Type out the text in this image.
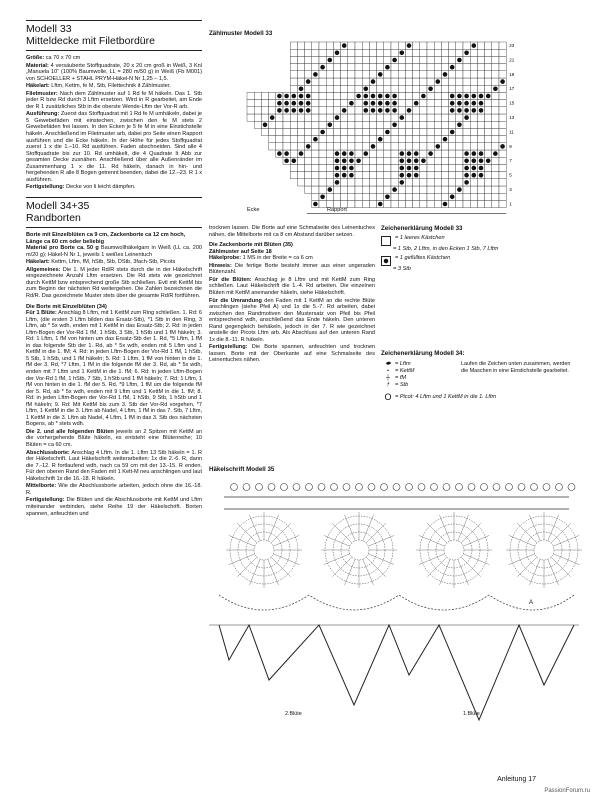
Modell 33
Mitteldecke mit Filetbordüre
Größe: ca 70 x 70 cm
Material: 4 versäuberte Stoffquadrate, 20 x 20 cm groß in Weiß, 3 Knl „Manuela 10“ (100% Baumwolle, LL = 280 m/50 g) in Weiß (Fb M001) von SCHOELLER + STAHL PRYM-Häkel-N Nr 1,25 – 1,5.
Häkelart: Lftm, Kettm, fe M, Stb, Filettechnik it Zählmuster.
Filetmuster: Nach dem Zählmuster auf 1 Rd fe M häkeln. Das 1. Stb jeder R bzw Rd durch 3 Lftm ersetzen. Wird in R gearbeitet, am Ende der R 1 zusätzliches Stb in die oberste Wende-Lftm der Vor-R arb.
Ausführung: Zuerst das Stoffquadrat mit 1 Rd fe M umhäkeln, dabei je 5 Gewebefäden mit einstechen, zwischen den fe M stets 2 Gewebefäden frei lassen. In den Ecken je 5 fe M in eine Einstichstelle häkeln. Anschließend im Filetmuster arb, dabei pro Seite einen Rapport ausführen und die Ecke häkeln. In der Höhe für jedes Stoffquadrat zuerst 1 x die 1.–10. Rd ausführen. Faden abschneiden. Sind alle 4 Stoffquadrate bis zur 10. Rd umhäkelt, die 4 Quadrate lt Abb zur gesamten Decke zusnähen. Anschließend über alle Außenränder im Zusammenhang 1 x die 11. Rd häkeln, danach in hin- und hergehenden R alle 8 Bogen getrennt beenden, dabei die 12.–23. R 1 x ausführen.
Fertigstellung: Decke von li leicht dämpfen.
Modell 34+35
Randborten
Borte mit Einzelblüten ca 9 cm, Zackenborte ca 12 cm hoch, Länge ca 60 cm oder beliebig
Material pro Borte ca. 50 g Baumwollhäkelgarn in Weiß (LL ca. 200 m/20 g); Häkel-N Nr 1, jeweils 1 weißes Leinentuch
Häkelart: Kettm, Lftm, fM, hStb, Stb, DStb, 3fach-Stb, Picots
Allgemeines: Die 1. M jeder Rd/R stets durch die in der Häkelschrift eingezeichnete Anzahl Lftm ersetzen. Die Rd stets wie gezeichnet durch KettM bzw entsprechend große Stb schließen. Evtl mit KettM bis zum Beginn der nächsten Rd weitergehen. Die Zahlen bezeichnen die Rd/R. Das gezeichnete Muster stets über die gesamte Rd/R fortführen.
Die Borte mit Einzelblüten (34)
Für 1 Blüte: Anschlag 8 Lftm, mit 1 KettM zum Ring schließen. 1. Rd: 6 Lftm, (die ersten 3 Lftm bilden das Ersatz-Stb), *1 Stb in den Ring, 3 Lftm, ab * 5x wdh, enden mit 1 KettM in das Ersatz-Stb; 2. Rd: in jeden Lftm-Bogen der Vor-Rd 1 fM, 1 hStb, 3 Stb, 1 hStb und 1 fM häkeln; 3. Rd: 1 Lftm, 1 fM von hinten um das Ersatz-Stb der 1. Rd, *5 Lftm, 1 fM in das folgende Stb der 1. Rd, ab * 5x wdh, enden mit 5 Lftm und 1 KettM in die 1. fM; 4. Rd: in jeden Lftm-Bogen der Vor-Rd 1 fM, 1 hStb, 5 Stb, 1 hStb, und 1 fM häkeln; 5. Rd: 1 Lftm, 1 fM von hinten in die 1. fM der 3. Rd, *7 Lftm, 1 fM in die folgende fM der 3. Rd, ab * 5x wdh, enden mit 7 Lftm und 1 KettM in die 1. fM; 6. Rd: in jeden Lftm-Bogen der Vor-Rd 1 fM, 1 hStb, 7 Stb, 1 hStb und 1 fM häkeln; 7. Rd: 1 Lftm, 1 fM von hinten in die 1. fM der 5. Rd, *9 Lftm, 1 fM um die folgende fM der 5. Rd, ab * 5x wdh, enden mit 9 Lftm und 1 KettM in die 1. fM; 8. Rd: in jeden Lftm-Bogen der Vor-Rd 1 fM, 1 hStb, 9 Stb, 1 hStb und 1 fM häkeln; 9. Rd: Mit KettM bis zum 3. Stb der Vor-Rd vorgehen, *7 Lftm, 1 KettM in die 3. Lftm ab Nadel, 4 Lftm, 1 fM in das 7. Stb, 7 Lftm, 1 KettM in die 3. Lftm ab Nadel, 4 Lftm, 1 fM in das 3. Stb des nächsten Bogens, ab * stets wdh.
Die 2. und alle folgenden Blüten jeweils an 2 Spitzen mit KettM an die vorhergehende Blüte häkeln, es entsteht eine Blütenreihe; 10 Blüten = ca 60 cm.
Abschlussborte: Anschlag 4 Lftm. In die 1. Lftm 13 Stb häkeln = 1. R der Häkelschrift. Laut Häkelschrift weiterarbeiten: 1x die 2.-6. R, dann die 7.-12. R fortlaufend wdh, nach ca 59 cm mit der 13.-15. R enden. Für den oberen Rand den Faden mit 1 Kett-M neu anschlingen und laut Häkelschrift 1x die 16.-18. R häkeln.
Mittelborte: Wie die Abschlussborte arbeiten, jedoch ohne die 16.-18. R.
Fertigstellung: Die Blüten und die Abschlussborte mit KettM und Lftm miteinander verbinden, siehe Reihe 19 der Häkelschrift. Borten spannen, anfeuchten und
Zählmuster Modell 33
1
3
5
7
9
11
13
15
17
19
21
23
Ecke	Rapport
trocknen lassen. Die Borte auf eine Schmalseite des Leinentuches nähen, die Mittelborte mit ca 8 cm Abstand darüber setzen.
Die Zackenborte mit Blüten (35)
Zählmuster auf Seite 18
Häkelprobe: 1 MS in der Breite = ca 6 cm
Hinweis: Die fertige Borte besteht immer aus einer ungeraden Blütenzahl.
Für die Blüten: Anschlag je 8 Lftm und mit KettM zum Ring schließen. Laut Häkelschrift die 1.-4. Rd arbeiten. Die einzelnen Blüten mit KettM aneinander häkeln, siehe Häkelschrift.
Für die Umrandung den Faden mit 1 KettM an die rechte Blüte anschlingen (siehe Pfeil A) und 1x die 5.-7. Rd arbeiten, dabei zwischen den Randmotiven den Mustersatz von Pfeil bis Pfeil entsprechend wdh, anschließend das Ende häkeln. Den unteren Rand gegengleich behäkeln, jedoch in der 7. R wie gezeichnet anstelle der Picots Lftm arb. Als Abschluss auf den unteren Rand 1x die 8.-11. R häkeln.
Fertigstellung: Die Borte spannen, anfeuchten und trocknen lassen. Borte mit der Oberkante auf eine Schmalseite des Leinentuches nähen.
Zeichenerklärung Modell 33
= 1 leeres Kästchen
= 1 Stb, 2 Lftm, in den Ecken 1 Stb, 7 Lftm
= 1 gefülltes Kästchen
= 3 Stb
Zeichenerklärung Modell 34:
⬬ = Lftm
•	= KettM
┼ = fM
† = Stb
Laufen die Zeichen unten zusammen, werden die Maschen in eine Einstichstelle gearbeitet.
O = Picot: 4 Lftm und 1 KettM in die 1. Lftm
Häkelschrift Modell 35
2.Blüte	1.Blüte
A
Anleitung 17
PassionForum.ru
